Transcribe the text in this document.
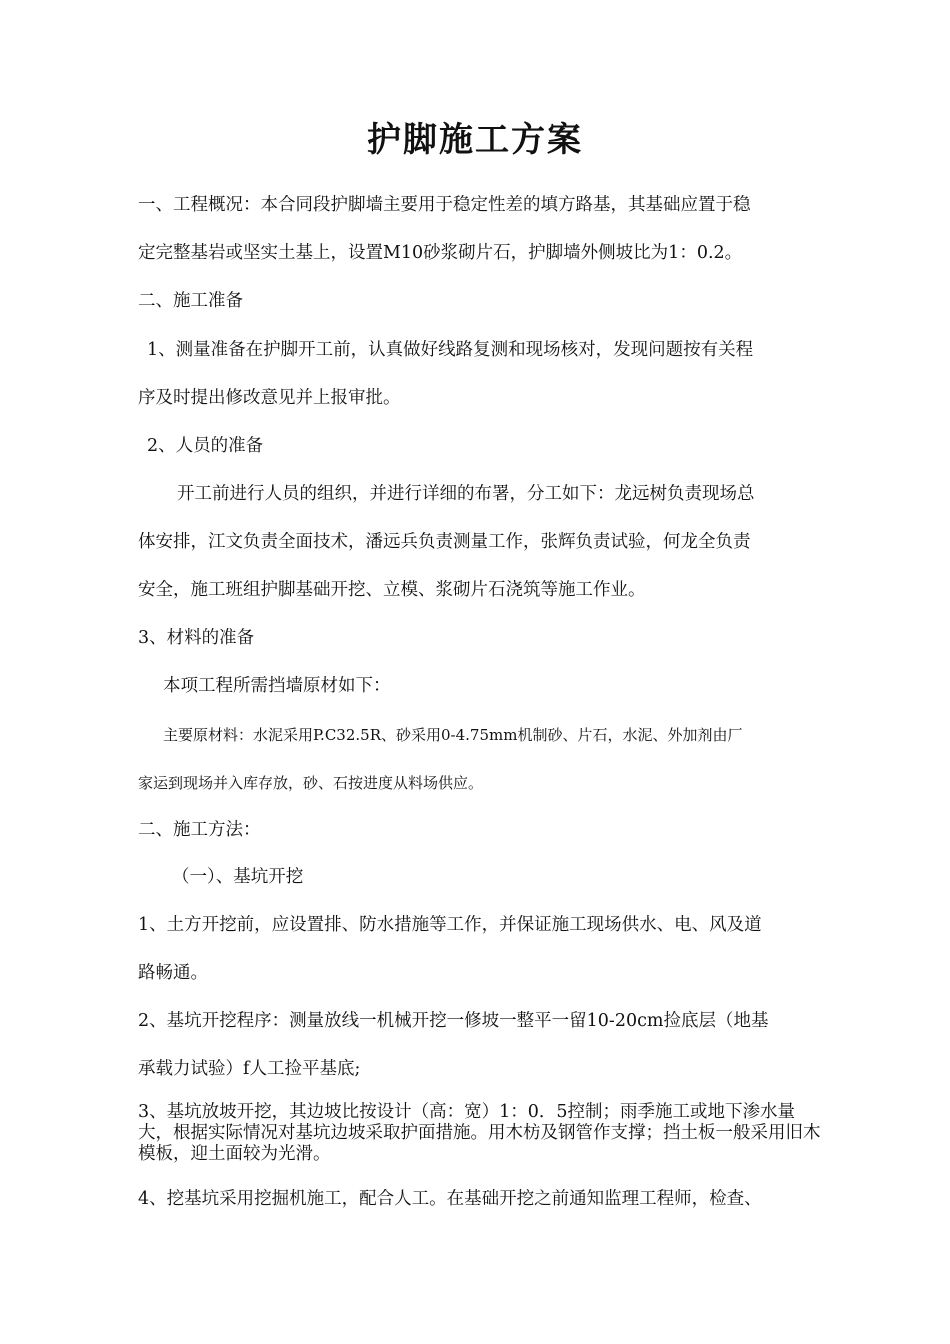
护脚施工方案
一、工程概况：本合同段护脚墙主要用于稳定性差的填方路基，其基础应置于稳
定完整基岩或坚实土基上，设置M10砂浆砌片石，护脚墙外侧坡比为1：0.2。
二、施工准备
1、测量准备在护脚开工前，认真做好线路复测和现场核对，发现问题按有关程
序及时提出修改意见并上报审批。
2、人员的准备
开工前进行人员的组织，并进行详细的布署，分工如下：龙远树负责现场总
体安排，江文负责全面技术，潘远兵负责测量工作，张辉负责试验，何龙全负责
安全，施工班组护脚基础开挖、立模、浆砌片石浇筑等施工作业。
3、材料的准备
本项工程所需挡墙原材如下：
主要原材料：水泥采用P.C32.5R、砂采用0-4.75mm机制砂、片石，水泥、外加剂由厂
家运到现场并入库存放，砂、石按进度从料场供应。
二、施工方法：
（一）、基坑开挖
1、土方开挖前，应设置排、防水措施等工作，并保证施工现场供水、电、风及道
路畅通。
2、基坑开挖程序：测量放线一机械开挖一修坡一整平一留10-20cm捡底层（地基
承载力试验）f人工捡平基底;
3、基坑放坡开挖，其边坡比按设计（高：宽）1：0．5控制；雨季施工或地下渗水量大，根据实际情况对基坑边坡采取护面措施。用木枋及钢管作支撑；挡土板一般采用旧木模板，迎土面较为光滑。
4、挖基坑采用挖掘机施工，配合人工。在基础开挖之前通知监理工程师，检查、
